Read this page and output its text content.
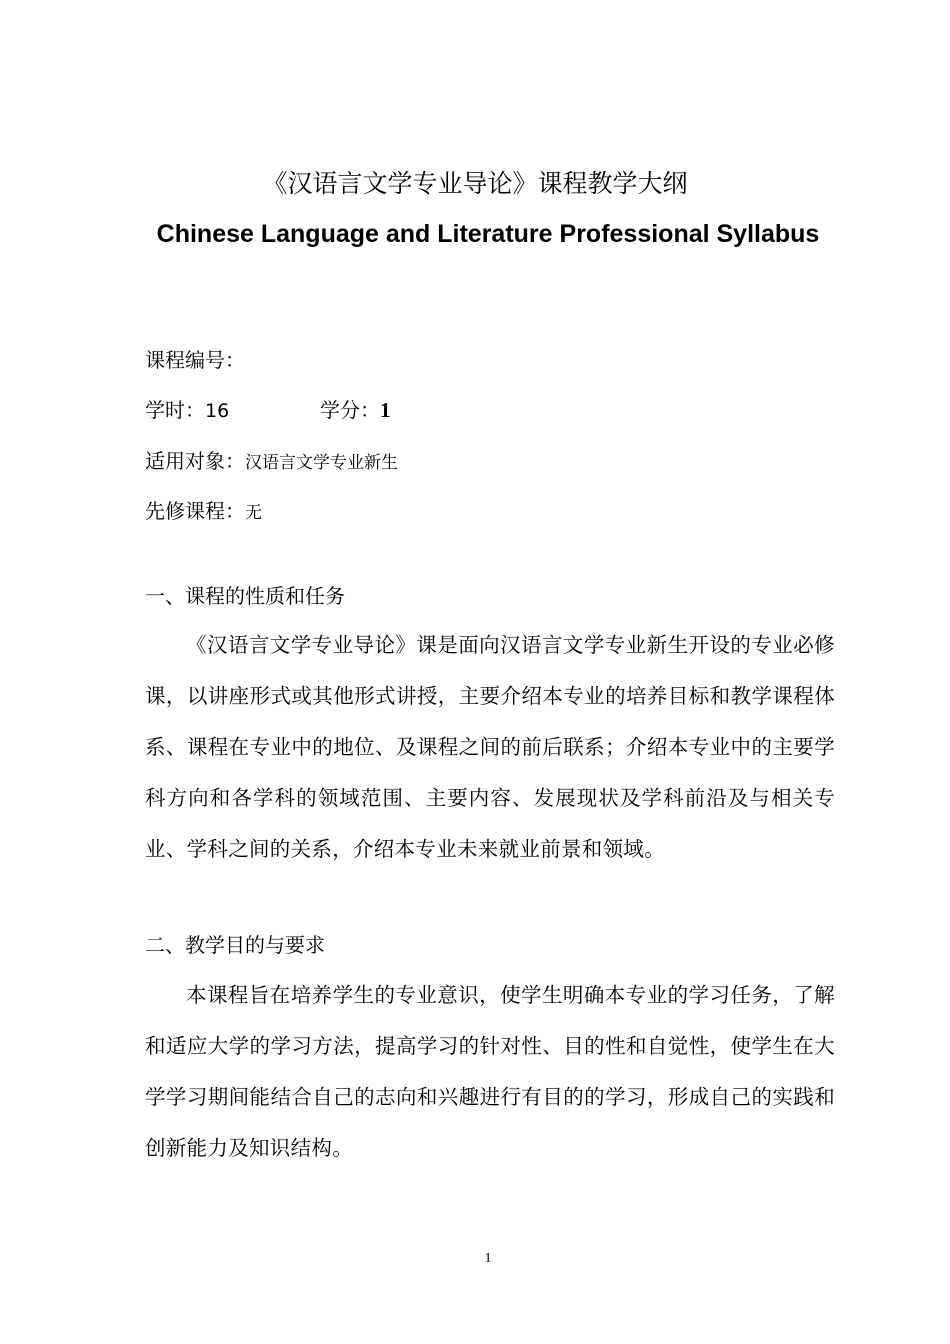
《汉语言文学专业导论》课程教学大纲
Chinese Language and Literature Professional Syllabus
课程编号：
学时：16	学分：1
适用对象：汉语言文学专业新生
先修课程：无
一、课程的性质和任务
《汉语言文学专业导论》课是面向汉语言文学专业新生开设的专业必修课，以讲座形式或其他形式讲授，主要介绍本专业的培养目标和教学课程体系、课程在专业中的地位、及课程之间的前后联系；介绍本专业中的主要学科方向和各学科的领域范围、主要内容、发展现状及学科前沿及与相关专业、学科之间的关系，介绍本专业未来就业前景和领域。
二、教学目的与要求
本课程旨在培养学生的专业意识，使学生明确本专业的学习任务，了解和适应大学的学习方法，提高学习的针对性、目的性和自觉性，使学生在大学学习期间能结合自己的志向和兴趣进行有目的的学习，形成自己的实践和创新能力及知识结构。
1
